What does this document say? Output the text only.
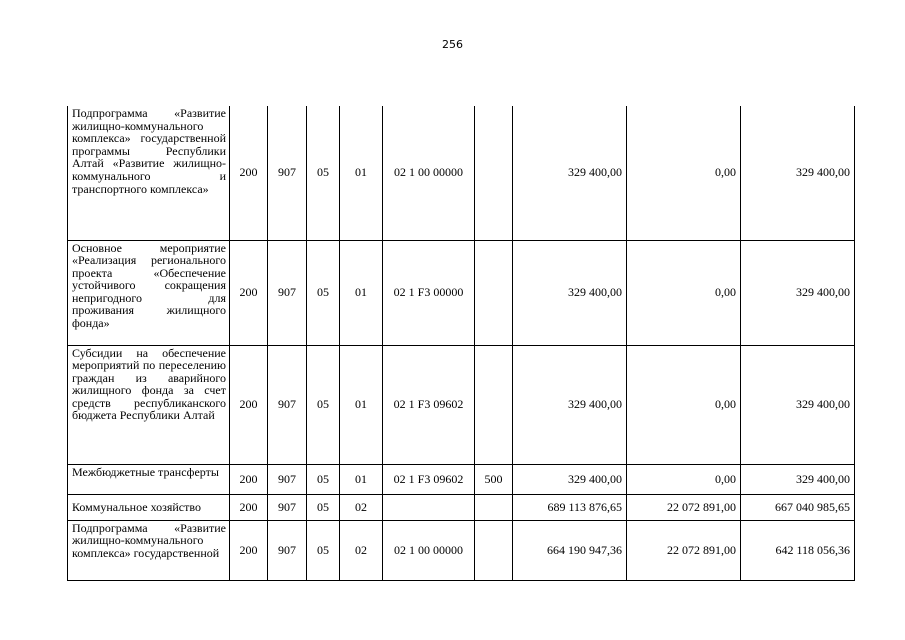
256
Подпрограмма «Развитие жилищно-коммунального комплекса» государственной программы Республики Алтай «Развитие жилищно-коммунального и транспортного комплекса»	200	907	05	01	02 1 00 00000		329 400,00	0,00	329 400,00
Основное мероприятие «Реализация регионального проекта «Обеспечение устойчивого сокращения непригодного для проживания жилищного фонда»	200	907	05	01	02 1 F3 00000		329 400,00	0,00	329 400,00
Субсидии на обеспечение мероприятий по переселению граждан из аварийного жилищного фонда за счет средств республиканского бюджета Республики Алтай	200	907	05	01	02 1 F3 09602		329 400,00	0,00	329 400,00
Межбюджетные трансферты	200	907	05	01	02 1 F3 09602	500	329 400,00	0,00	329 400,00
Коммунальное хозяйство	200	907	05	02			689 113 876,65	22 072 891,00	667 040 985,65
Подпрограмма «Развитие жилищно-коммунального комплекса» государственной	200	907	05	02	02 1 00 00000		664 190 947,36	22 072 891,00	642 118 056,36
